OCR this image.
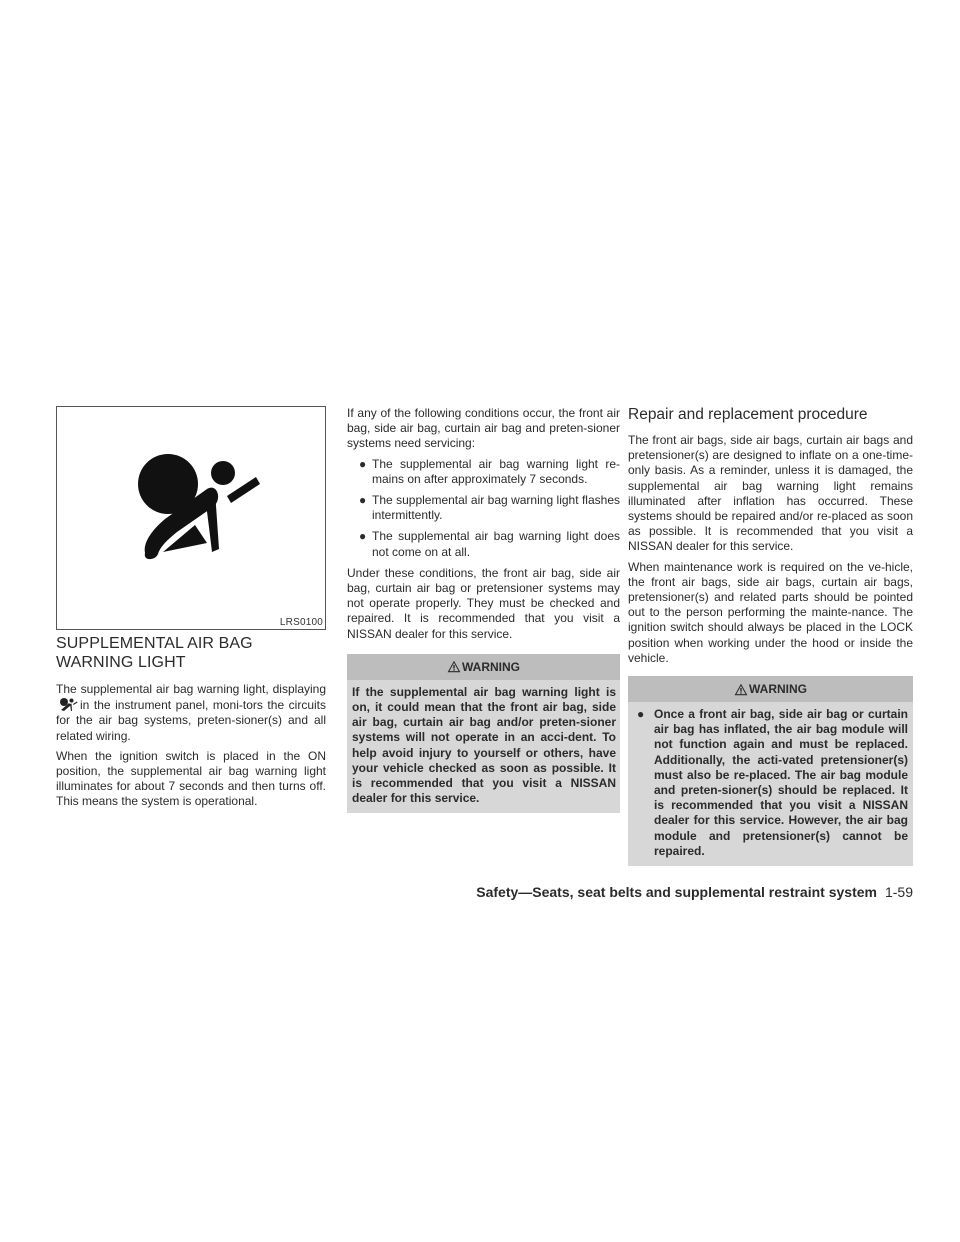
LRS0100
SUPPLEMENTAL AIR BAG
WARNING LIGHT

The supplemental air bag warning light, displayingin the instrument panel, moni-tors the circuits for the air bag systems, preten-sioner(s) and all related wiring.

When the ignition switch is placed in the ON position, the supplemental air bag warning light illuminates for about 7 seconds and then turns off. This means the system is operational.

If any of the following conditions occur, the front air bag, side air bag, curtain air bag and preten-sioner systems need servicing:

● The supplemental air bag warning light re-mains on after approximately 7 seconds.
● The supplemental air bag warning light flashes intermittently.
● The supplemental air bag warning light does not come on at all.

Under these conditions, the front air bag, side air bag, curtain air bag or pretensioner systems may not operate properly. They must be checked and repaired. It is recommended that you visit a NISSAN dealer for this service.

WARNING
If the supplemental air bag warning light is on, it could mean that the front air bag, side air bag, curtain air bag and/or preten-sioner systems will not operate in an acci-dent. To help avoid injury to yourself or others, have your vehicle checked as soon as possible. It is recommended that you visit a NISSAN dealer for this service.
Repair and replacement procedure

The front air bags, side air bags, curtain air bags and pretensioner(s) are designed to inflate on a one-time-only basis. As a reminder, unless it is damaged, the supplemental air bag warning light remains illuminated after inflation has occurred. These systems should be repaired and/or re-placed as soon as possible. It is recommended that you visit a NISSAN dealer for this service.

When maintenance work is required on the ve-hicle, the front air bags, side air bags, curtain air bags, pretensioner(s) and related parts should be pointed out to the person performing the mainte-nance. The ignition switch should always be placed in the LOCK position when working under the hood or inside the vehicle.

WARNING
● Once a front air bag, side air bag or curtain air bag has inflated, the air bag module will not function again and must be replaced. Additionally, the acti-vated pretensioner(s) must also be re-placed. The air bag module and preten-sioner(s) should be replaced. It is recommended that you visit a NISSAN dealer for this service. However, the air bag module and pretensioner(s) cannot be repaired.
Safety—Seats, seat belts and supplemental restraint system 1-59
